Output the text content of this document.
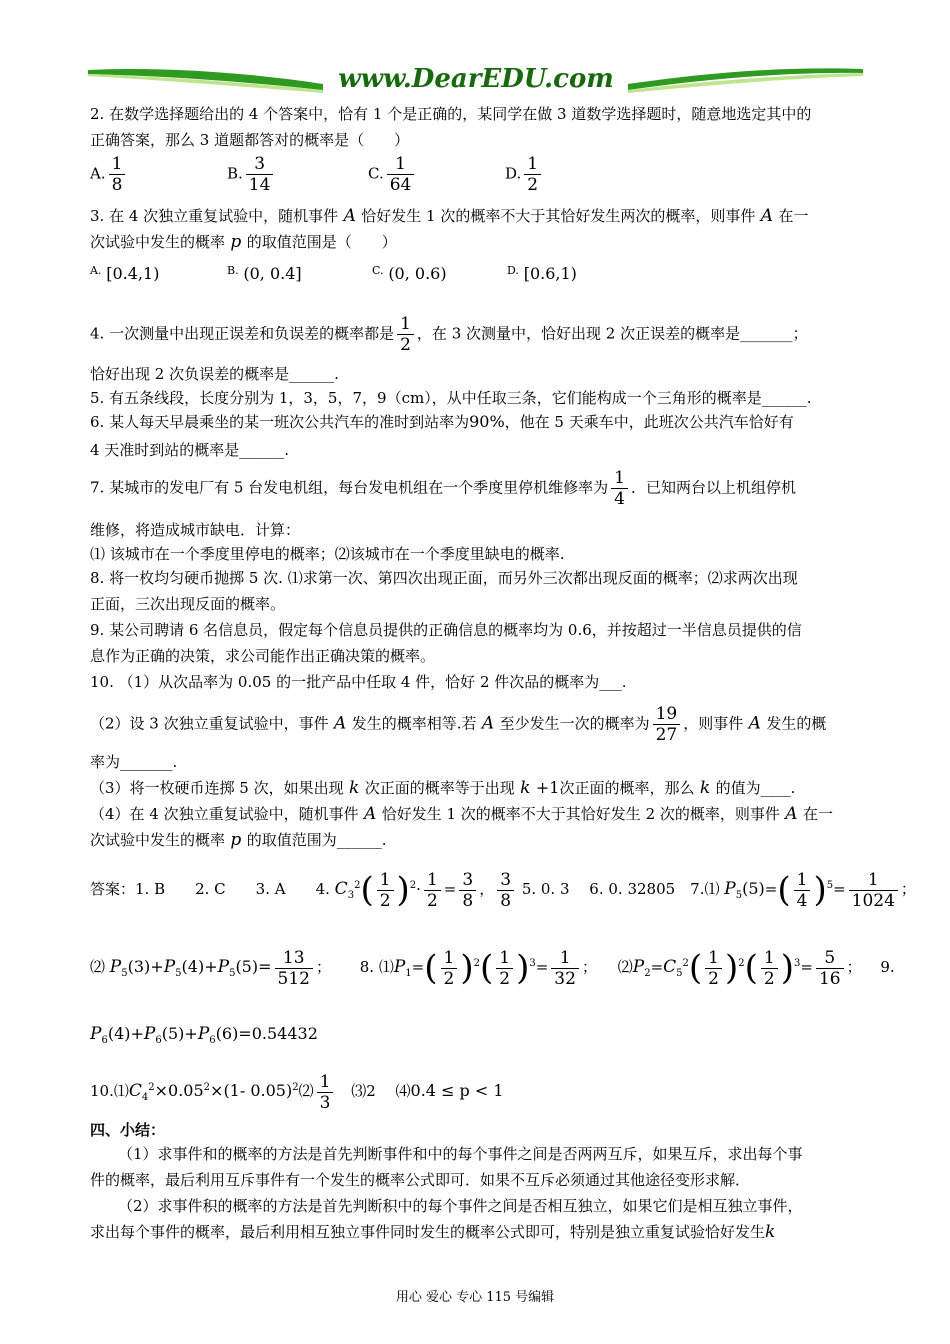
www.DearEDU.com
2. 在数学选择题给出的 4 个答案中，恰有 1 个是正确的，某同学在做 3 道数学选择题时，随意地选定其中的
正确答案，那么 3 道题都答对的概率是（　　）
A. $\frac{1}{8}$	B. $\frac{3}{14}$	C. $\frac{1}{64}$	D. $\frac{1}{2}$
3. 在 4 次独立重复试验中，随机事件 A 恰好发生 1 次的概率不大于其恰好发生两次的概率，则事件 A 在一
次试验中发生的概率 p 的取值范围是（　　）
$^{A.}$ [0.4,1)	$^{B.}$ (0, 0.4]	$^{C.}$ (0, 0.6)	$^{D.}$ [0.6,1)
4. 一次测量中出现正误差和负误差的概率都是 $\frac{1}{2}$ ，在 3 次测量中，恰好出现 2 次正误差的概率是_______；
恰好出现 2 次负误差的概率是______.
5. 有五条线段，长度分别为 1，3，5，7，9（cm），从中任取三条，它们能构成一个三角形的概率是______.
6. 某人每天早晨乘坐的某一班次公共汽车的准时到站率为90%，他在 5 天乘车中，此班次公共汽车恰好有
4 天准时到站的概率是______.
7. 某城市的发电厂有 5 台发电机组，每台发电机组在一个季度里停机维修率为 $\frac{1}{4}$ ．已知两台以上机组停机
维修，将造成城市缺电．计算：
⑴ 该城市在一个季度里停电的概率；⑵该城市在一个季度里缺电的概率.
8. 将一枚均匀硬币抛掷 5 次. ⑴求第一次、第四次出现正面，而另外三次都出现反面的概率；⑵求两次出现
正面，三次出现反面的概率。
9. 某公司聘请 6 名信息员，假定每个信息员提供的正确信息的概率均为 0.6，并按超过一半信息员提供的信
息作为正确的决策，求公司能作出正确决策的概率。
10. （1）从次品率为 0.05 的一批产品中任取 4 件，恰好 2 件次品的概率为___.
（2）设 3 次独立重复试验中，事件 A 发生的概率相等.若 A 至少发生一次的概率为 $\frac{19}{27}$ ，则事件 A 发生的概
率为_______.
（3）将一枚硬币连掷 5 次，如果出现 k 次正面的概率等于出现 k +1次正面的概率，那么 k 的值为____.
（4）在 4 次独立重复试验中，随机事件 A 恰好发生 1 次的概率不大于其恰好发生 2 次的概率，则事件 A 在一
次试验中发生的概率 p 的取值范围为______.
答案：1. B　　2. C　　3. A　　4. $C_3^2( \frac{1}{2} )^2\cdot \frac{1}{2} = \frac{3}{8}$ ， $\frac{3}{8} 5$. 0. 3　 6. 0. 32805　7.⑴ $P_5(5)=( \frac{1}{4} )^5= \frac{1}{1024}$ ；
⑵ $P_5(3)+P_5(4)+P_5(5)= \frac{13}{512}$ ； 8. $⑴P_1=( \frac{1}{2} )^2( \frac{1}{2} )^3= \frac{1}{32}$ ； $⑵P_2=C_5^2( \frac{1}{2} )^2( \frac{1}{2} )^3= \frac{5}{16}$ ； 9.
$P_6(4)+P_6(5)+P_6(6)=0.54432$
$10.⑴C_4^2\times 0.05^2\times(1-$ 0.05)$^2$⑵ $\frac{1}{3}$ ⑶2　 ⑷0.4 ≤ p < 1
四、小结：
（1）求事件和的概率的方法是首先判断事件和中的每个事件之间是否两两互斥，如果互斥，求出每个事
件的概率，最后利用互斥事件有一个发生的概率公式即可．如果不互斥必须通过其他途径变形求解．
（2）求事件积的概率的方法是首先判断积中的每个事件之间是否相互独立，如果它们是相互独立事件，
求出每个事件的概率，最后利用相互独立事件同时发生的概率公式即可，特别是独立重复试验恰好发生k
用心 爱心 专心 115 号编辑
